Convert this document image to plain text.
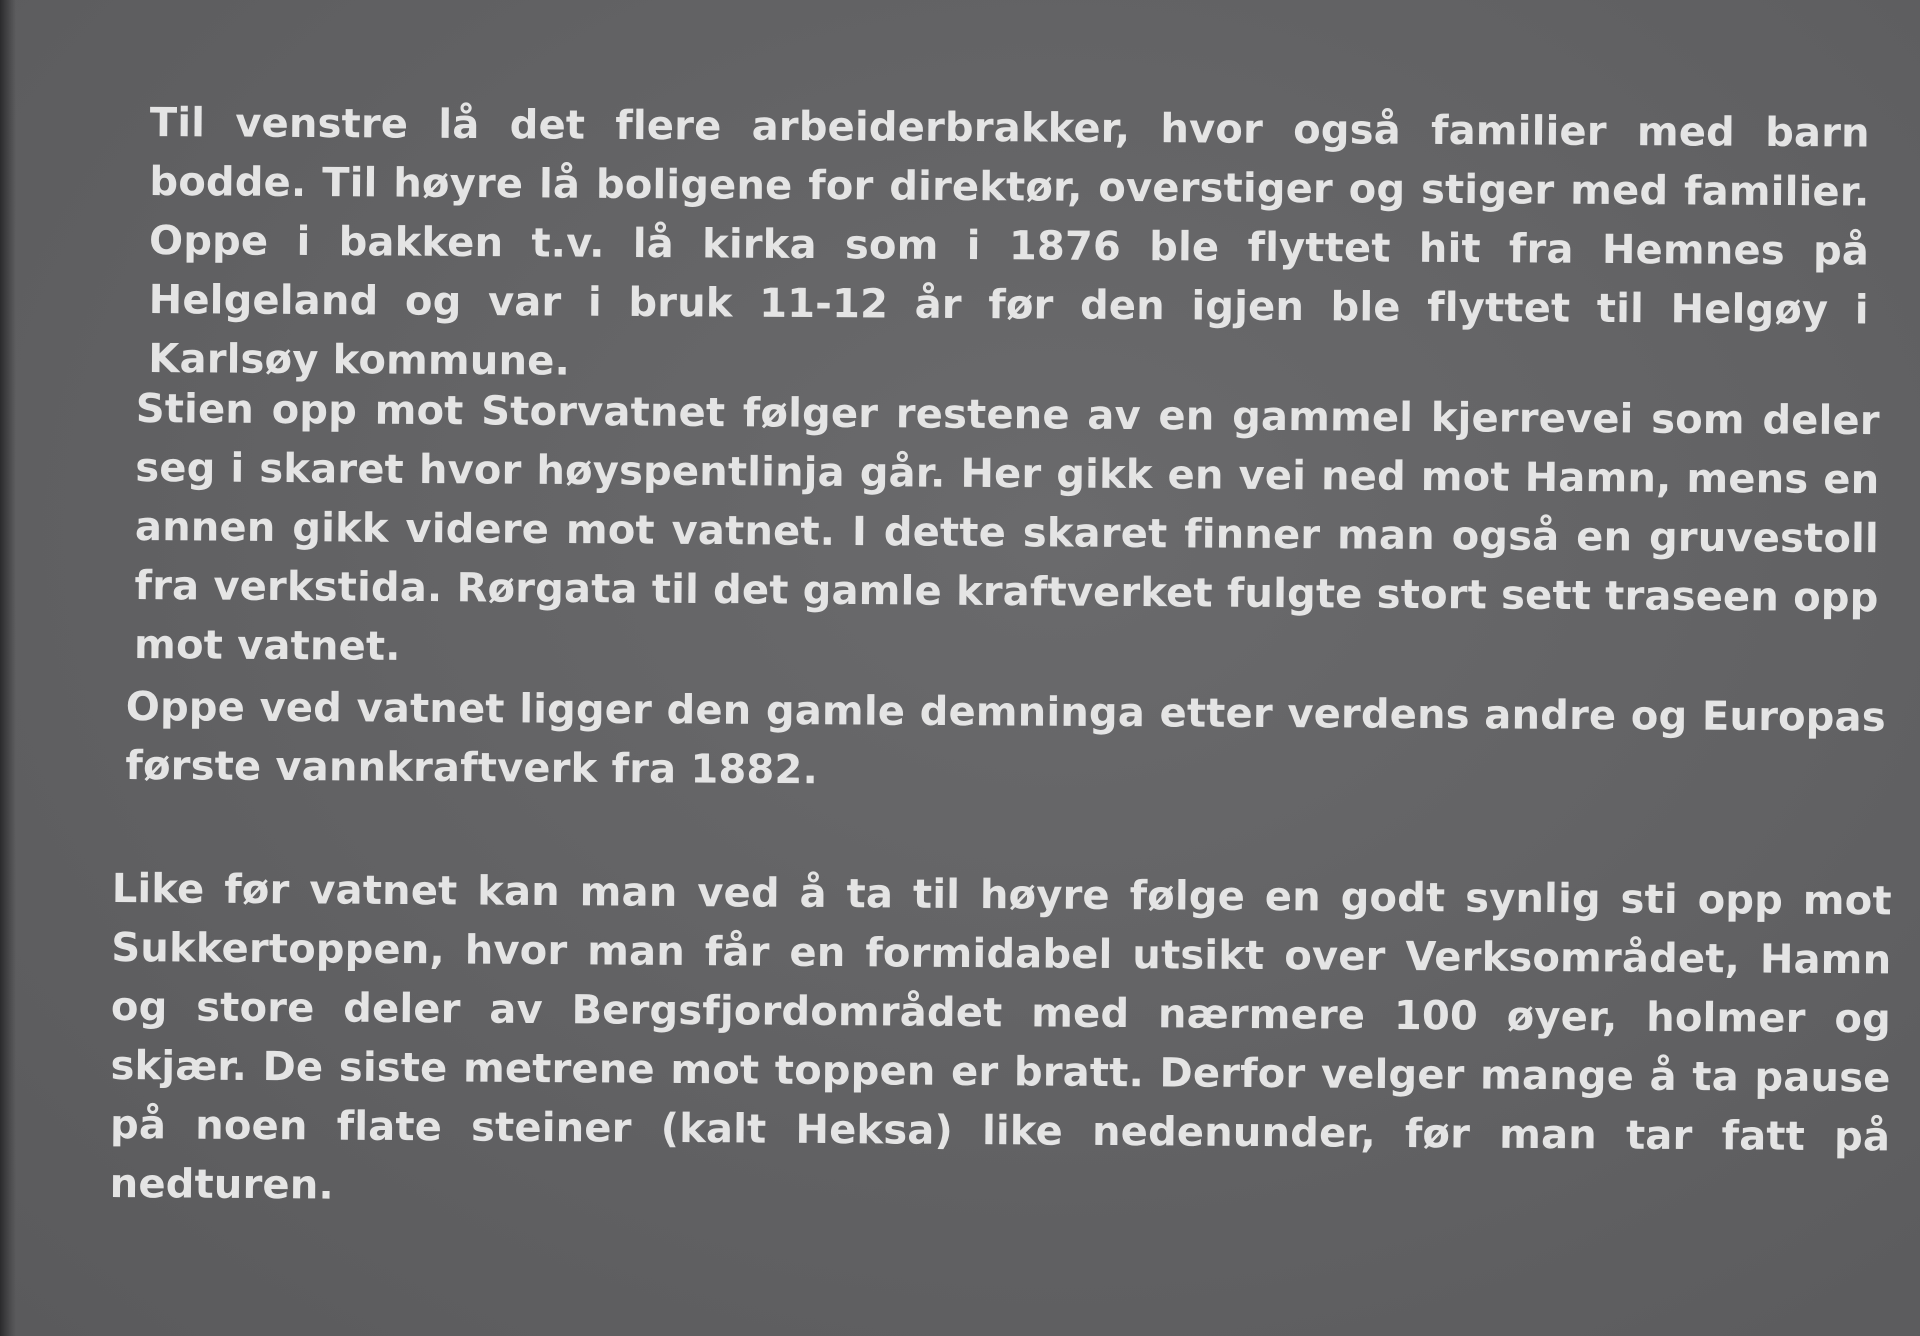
Til venstre lå det flere arbeiderbrakker, hvor også familier med barn bodde. Til høyre lå boligene for direktør, overstiger og stiger med familier. Oppe i bakken t.v. lå kirka som i 1876 ble flyttet hit fra Hemnes på Helgeland og var i bruk 11-12 år før den igjen ble flyttet til Helgøy i Karlsøy kommune.

Stien opp mot Storvatnet følger restene av en gammel kjerrevei som deler seg i skaret hvor høyspentlinja går. Her gikk en vei ned mot Hamn, mens en annen gikk videre mot vatnet. I dette skaret finner man også en gruvestoll fra verkstida. Rørgata til det gamle kraftverket fulgte stort sett traseen opp mot vatnet.

Oppe ved vatnet ligger den gamle demninga etter verdens andre og Europas første vannkraftverk fra 1882.

Like før vatnet kan man ved å ta til høyre følge en godt synlig sti opp mot Sukkertoppen, hvor man får en formidabel utsikt over Verksområdet, Hamn og store deler av Bergsfjordområdet med nærmere 100 øyer, holmer og skjær. De siste metrene mot toppen er bratt. Derfor velger mange å ta pause på noen flate steiner (kalt Heksa) like nedenunder, før man tar fatt på nedturen.
